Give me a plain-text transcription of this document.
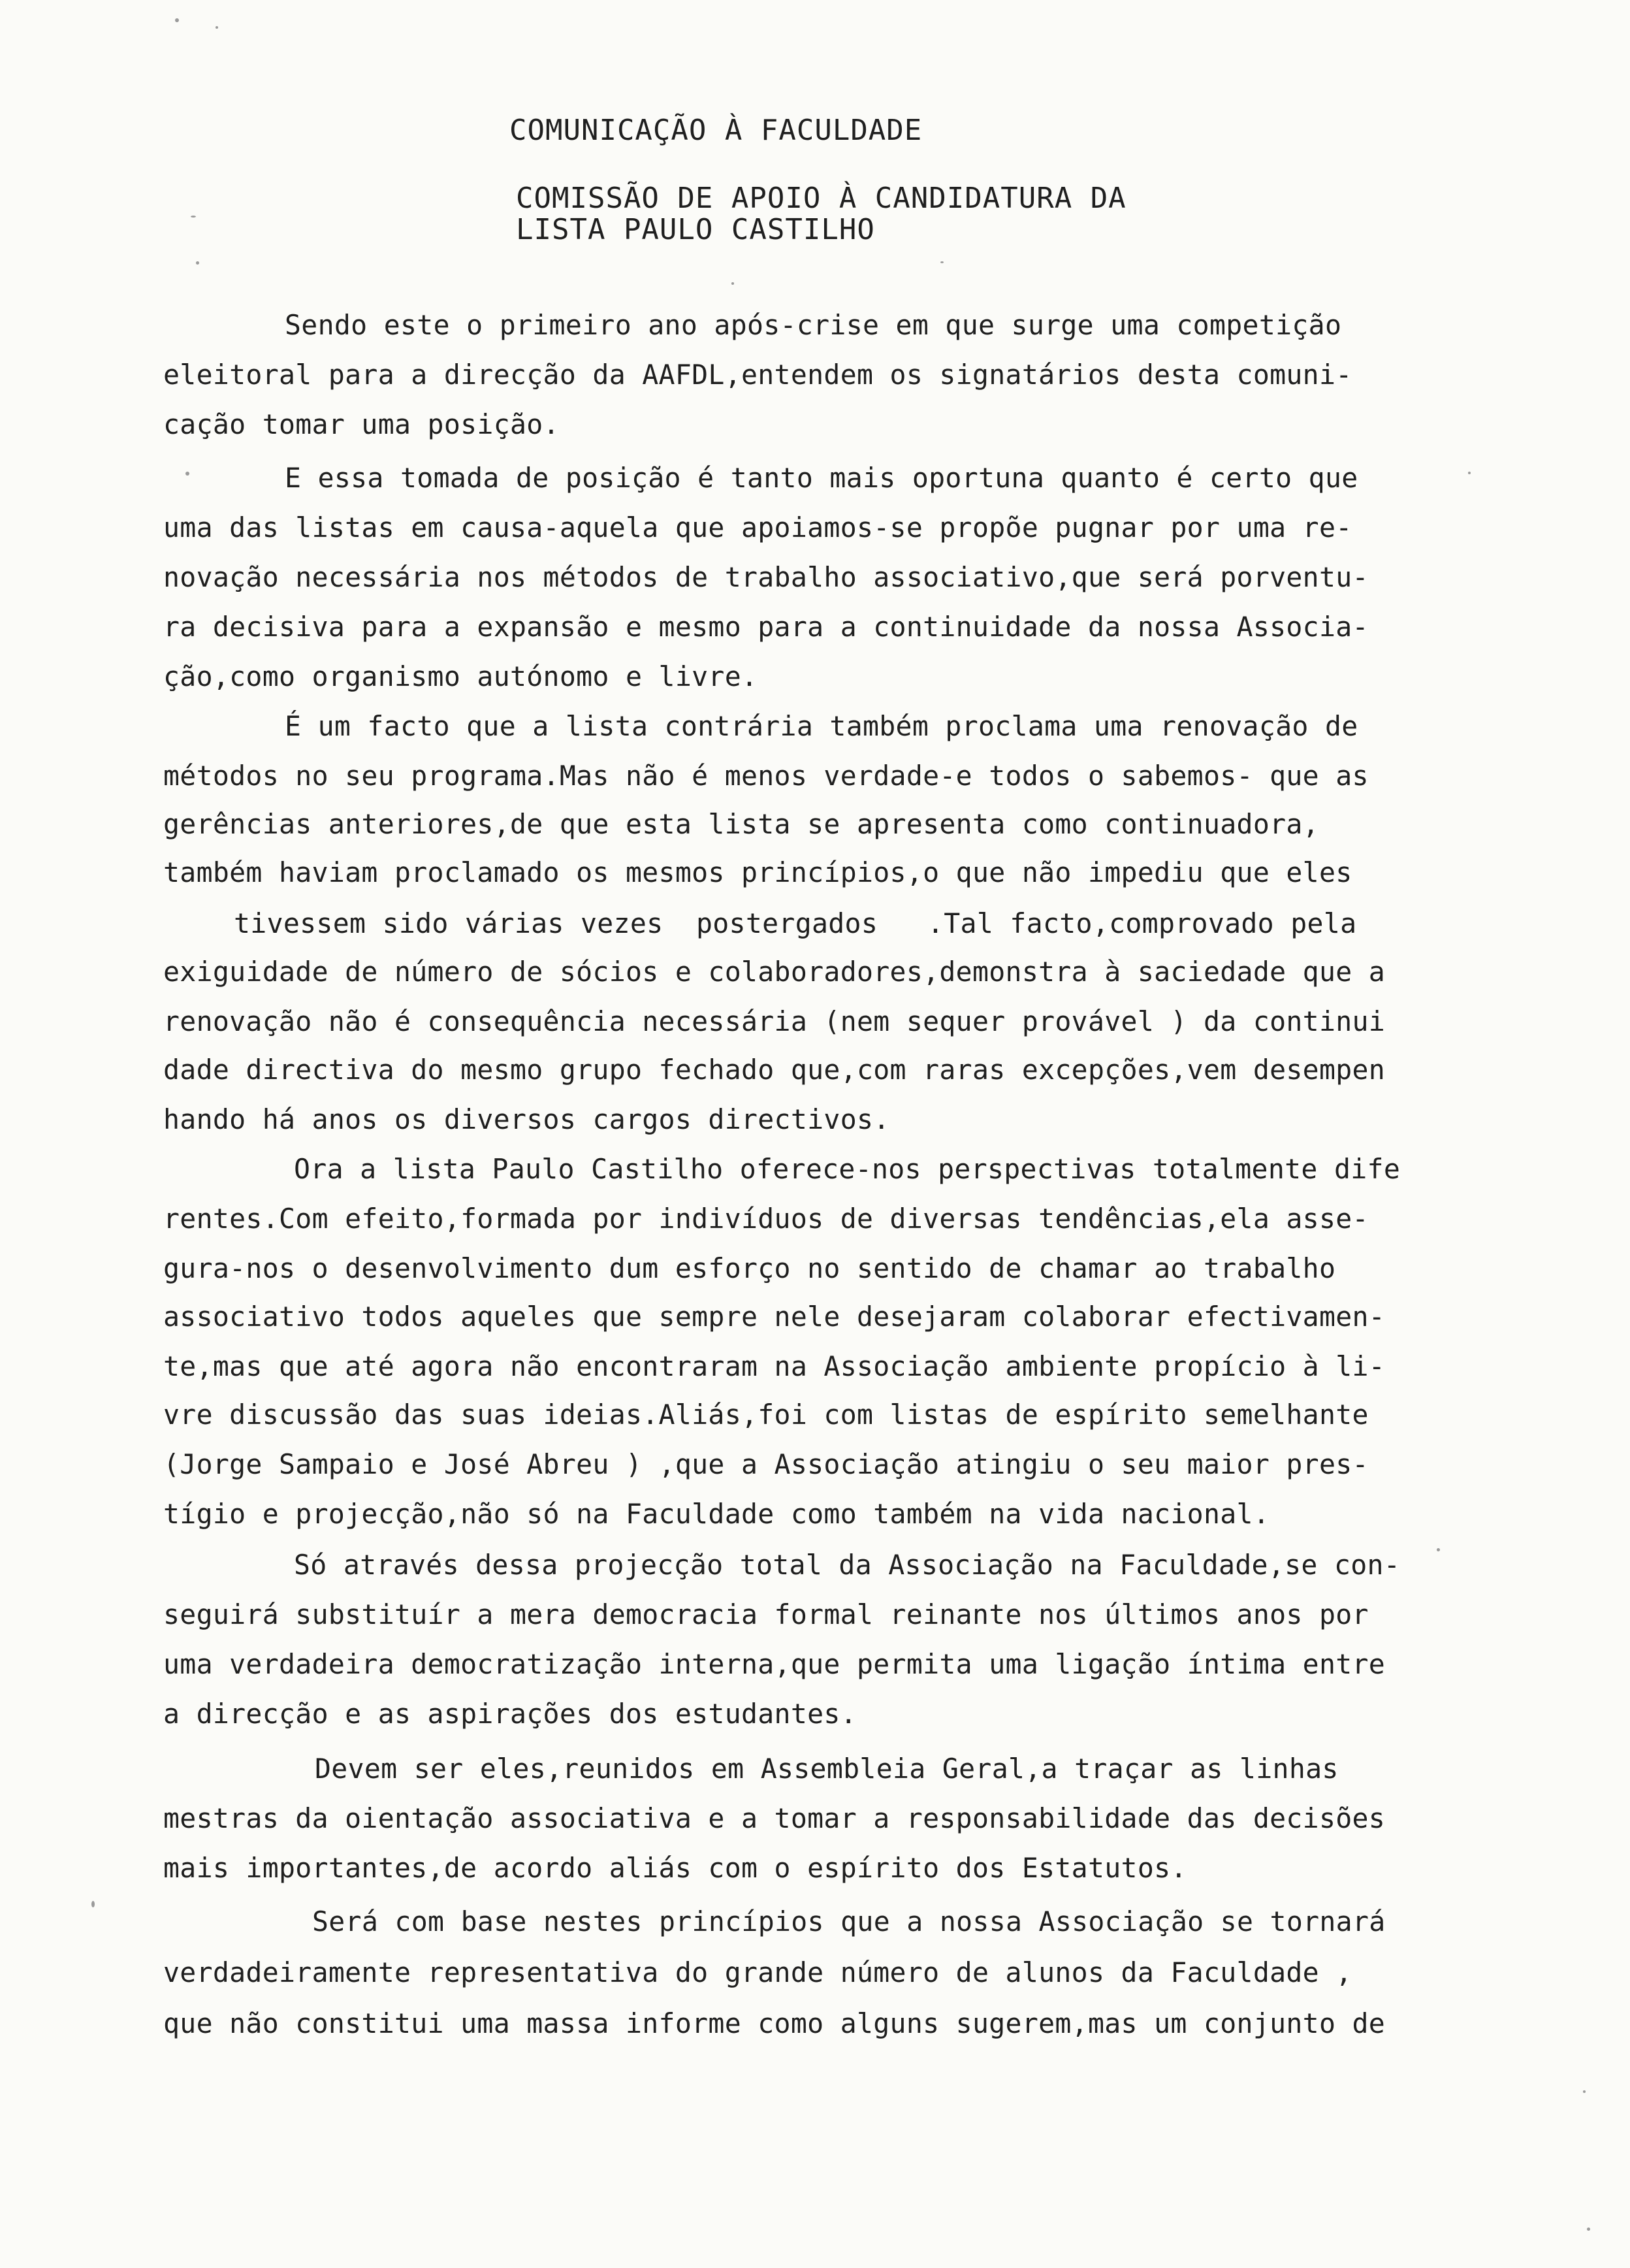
COMUNICAÇÃO À FACULDADE
COMISSÃO DE APOIO À CANDIDATURA DA
LISTA PAULO CASTILHO
Sendo este o primeiro ano após-crise em que surge uma competição
eleitoral para a direcção da AAFDL,entendem os signatários desta comuni-
cação tomar uma posição.
E essa tomada de posição é tanto mais oportuna quanto é certo que
uma das listas em causa-aquela que apoiamos-se propõe pugnar por uma re-
novação necessária nos métodos de trabalho associativo,que será porventu-
ra decisiva para a expansão e mesmo para a continuidade da nossa Associa-
ção,como organismo autónomo e livre.
É um facto que a lista contrária também proclama uma renovação de
métodos no seu programa.Mas não é menos verdade-e todos o sabemos- que as
gerências anteriores,de que esta lista se apresenta como continuadora,
também haviam proclamado os mesmos princípios,o que não impediu que eles
tivessem sido várias vezes  postergados   .Tal facto,comprovado pela
exiguidade de número de sócios e colaboradores,demonstra à saciedade que a
renovação não é consequência necessária (nem sequer provável ) da continui
dade directiva do mesmo grupo fechado que,com raras excepções,vem desempen
hando há anos os diversos cargos directivos.
Ora a lista Paulo Castilho oferece-nos perspectivas totalmente dife
rentes.Com efeito,formada por indivíduos de diversas tendências,ela asse-
gura-nos o desenvolvimento dum esforço no sentido de chamar ao trabalho
associativo todos aqueles que sempre nele desejaram colaborar efectivamen-
te,mas que até agora não encontraram na Associação ambiente propício à li-
vre discussão das suas ideias.Aliás,foi com listas de espírito semelhante
(Jorge Sampaio e José Abreu ) ,que a Associação atingiu o seu maior pres-
tígio e projecção,não só na Faculdade como também na vida nacional.
Só através dessa projecção total da Associação na Faculdade,se con-
seguirá substituír a mera democracia formal reinante nos últimos anos por
uma verdadeira democratização interna,que permita uma ligação íntima entre
a direcção e as aspirações dos estudantes.
Devem ser eles,reunidos em Assembleia Geral,a traçar as linhas
mestras da oientação associativa e a tomar a responsabilidade das decisões
mais importantes,de acordo aliás com o espírito dos Estatutos.
Será com base nestes princípios que a nossa Associação se tornará
verdadeiramente representativa do grande número de alunos da Faculdade ,
que não constitui uma massa informe como alguns sugerem,mas um conjunto de
